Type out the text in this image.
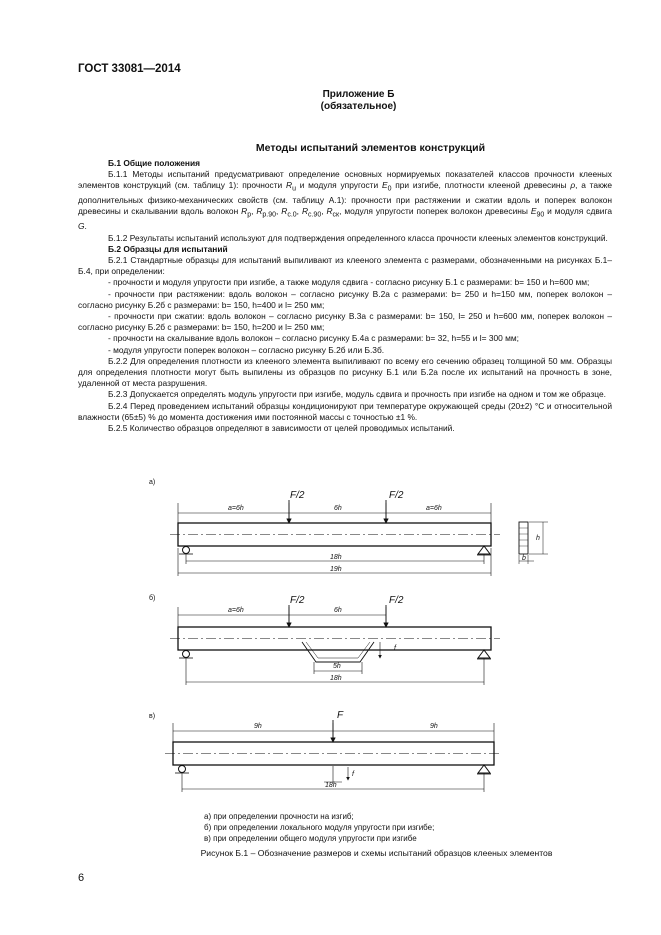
ГОСТ 33081—2014
Приложение Б
(обязательное)
Методы испытаний элементов конструкций

Б.1 Общие положения

Б.1.1 Методы испытаний предусматривают определение основных нормируемых показателей классов прочности клееных элементов конструкций (см. таблицу 1): прочности $R_u$ и модуля упругости $E_0$ при изгибе, плотности клееной древесины ρ, а также дополнительных физико-механических свойств (см. таблицу А.1): прочности при растяжении и сжатии вдоль и поперек волокон древесины и скалывании вдоль волокон $R_p$, $R_{p.90}$, $R_{c.0}$, $R_{c.90}$, $R_{ск}$, модуля упругости поперек волокон древесины $E_{90}$ и модуля сдвига G.

Б.1.2 Результаты испытаний используют для подтверждения определенного класса прочности клееных элементов конструкций.

Б.2 Образцы для испытаний

Б.2.1 Стандартные образцы для испытаний выпиливают из клееного элемента с размерами, обозначенными на рисунках Б.1–Б.4, при определении:

- прочности и модуля упругости при изгибе, а также модуля сдвига - согласно рисунку Б.1 с размерами: b= 150 и h=600 мм;

- прочности при растяжении: вдоль волокон – согласно рисунку В.2а с размерами: b= 250 и h=150 мм, поперек волокон – согласно рисунку Б.2б с размерами: b= 150, h=400 и l= 250 мм;

- прочности при сжатии: вдоль волокон – согласно рисунку В.3а с размерами: b= 150, l= 250 и h=600 мм, поперек волокон – согласно рисунку Б.2б с размерами: b= 150, h=200 и l= 250 мм;

- прочности на скалывание вдоль волокон – согласно рисунку Б.4а с размерами: b= 32, h=55 и l= 300 мм;

- модуля упругости поперек волокон – согласно рисунку Б.2б или Б.3б.

Б.2.2 Для определения плотности из клееного элемента выпиливают по всему его сечению образец толщиной 50 мм. Образцы для определения плотности могут быть выпилены из образцов по рисунку Б.1 или Б.2а после их испытаний на прочность в зоне, удаленной от места разрушения.

Б.2.3 Допускается определять модуль упругости при изгибе, модуль сдвига и прочность при изгибе на одном и том же образце.

Б.2.4 Перед проведением испытаний образцы кондиционируют при температуре окружающей среды (20±2) °С и относительной влажности (65±5) % до момента достижения ими постоянной массы с точностью ±1 %.

Б.2.5 Количество образцов определяют в зависимости от целей проводимых испытаний.

а)
a=6h	6h	a=6h
F/2	F/2
18h
19h
h
b
б)	F/2	F/2
a=6h	6h
5h
f
18h
в)	F
9h	9h
f
18h
а) при определении прочности на изгиб;
б) при определении локального модуля упругости при изгибе;
в) при определении общего модуля упругости при изгибе
Рисунок Б.1 – Обозначение размеров и схемы испытаний образцов клееных элементов
6
